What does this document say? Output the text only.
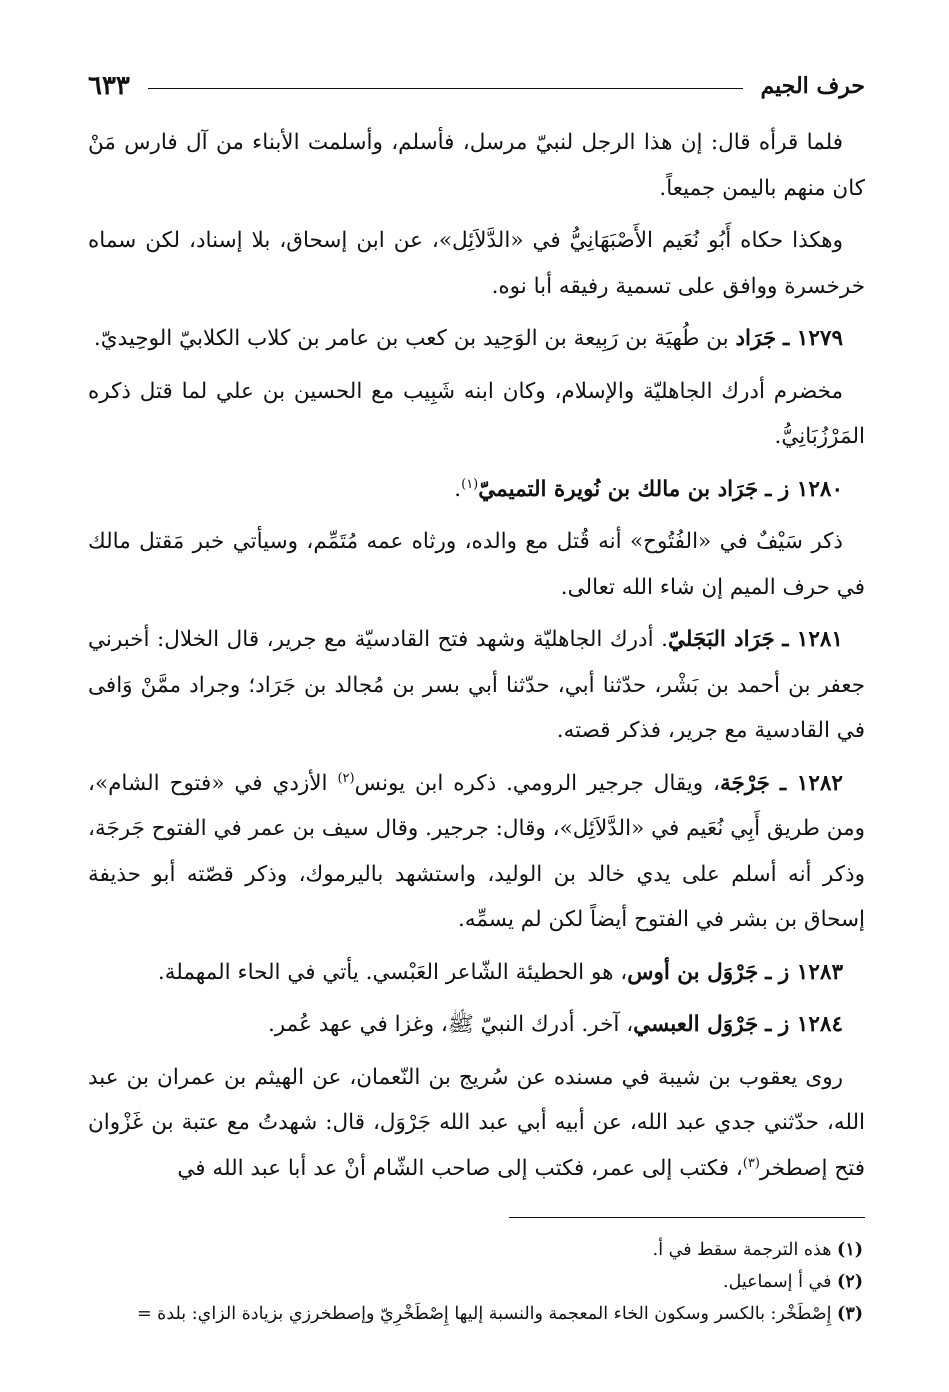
حرف الجيم
٦٣٣

فلما قرأه قال: إن هذا الرجل لنبيّ مرسل، فأسلم، وأسلمت الأبناء من آل فارس مَنْ كان منهم باليمن جميعاً.

وهكذا حكاه أَبُو نُعَيم الأَصْبَهَانِيُّ في «الدَّلاَئِل»، عن ابن إسحاق، بلا إسناد، لكن سماه خرخسرة ووافق على تسمية رفيقه أبا نوه.

١٢٧٩ ـ جَرَاد بن طُهيَة بن رَبِيعة بن الوَحِيد بن كعب بن عامر بن كلاب الكلابيّ الوحِيديّ.

مخضرم أدرك الجاهليّة والإسلام، وكان ابنه شَبِيب مع الحسين بن علي لما قتل ذكره المَرْزُبَانِيُّ.

١٢٨٠ ز ـ جَرَاد بن مالك بن نُويرة التميميّ$^{(١)}$.

ذكر سَيْفٌ في «الفُتُوح» أنه قُتل مع والده، ورثاه عمه مُتَمِّم، وسيأتي خبر مَقتل مالك في حرف الميم إن شاء الله تعالى.

١٢٨١ ـ جَرَاد البَجَليّ. أدرك الجاهليّة وشهد فتح القادسيّة مع جرير، قال الخلال: أخبرني جعفر بن أحمد بن بَشْر، حدّثنا أبي، حدّثنا أبي بسر بن مُجالد بن جَرَاد؛ وجراد ممَّنْ وَافى في القادسية مع جرير، فذكر قصته.

١٢٨٢ ـ جَرْجَة، ويقال جرجير الرومي. ذكره ابن يونس$^{(٢)}$ الأزدي في «فتوح الشام»، ومن طريق أَبِي نُعَيم في «الدَّلاَئِل»، وقال: جرجير. وقال سيف بن عمر في الفتوح جَرجَة، وذكر أنه أسلم على يدي خالد بن الوليد، واستشهد باليرموك، وذكر قصّته أبو حذيفة إسحاق بن بشر في الفتوح أيضاً لكن لم يسمِّه.

١٢٨٣ ز ـ جَرْوَل بن أوس، هو الحطيئة الشّاعر العَبْسي. يأتي في الحاء المهملة.

١٢٨٤ ز ـ جَرْوَل العبسي، آخر. أدرك النبيّ ﷺ، وغزا في عهد عُمر.

روى يعقوب بن شيبة في مسنده عن سُريج بن النّعمان، عن الهيثم بن عمران بن عبد الله، حدّثني جدي عبد الله، عن أبيه أبي عبد الله جَرْوَل، قال: شهدتُ مع عتبة بن غَزْوان فتح إصطخر$^{(٣)}$، فكتب إلى عمر، فكتب إلى صاحب الشّام أنْ عد أبا عبد الله في

(١) هذه الترجمة سقط في أ.
(٢) في أ إسماعيل.
(٣) إِصْطَخْر: بالكسر وسكون الخاء المعجمة والنسبة إليها إِصْطَخْرِيّ وإصطخرزي بزيادة الزاي: بلدة =
